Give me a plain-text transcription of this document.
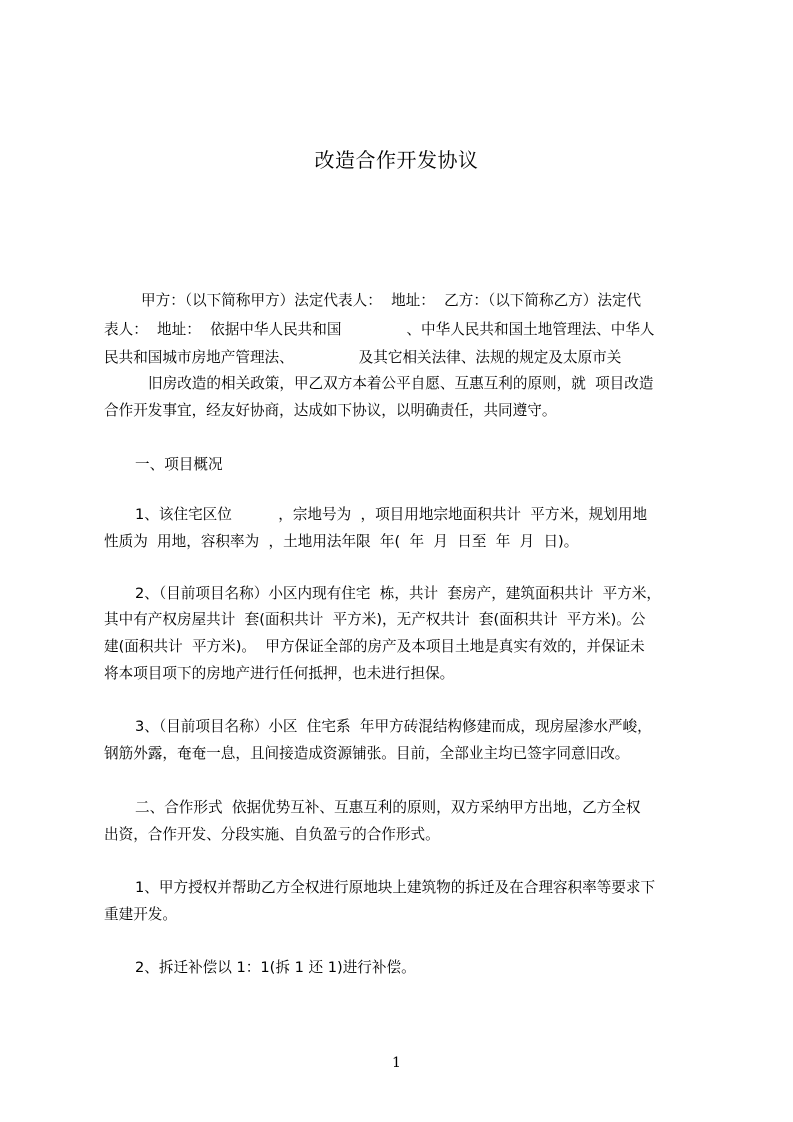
改造合作开发协议
甲方：（以下简称甲方）法定代表人：  地址：  乙方：（以下简称乙方）法定代
表人：  地址：  依据中华人民共和国              、中华人民共和国土地管理法、中华人
民共和国城市房地产管理法、              及其它相关法律、法规的规定及太原市关
旧房改造的相关政策，甲乙双方本着公平自愿、互惠互利的原则，就  项目改造
合作开发事宜，经友好协商，达成如下协议，以明确责任，共同遵守。
一、项目概况
1、该住宅区位          ，宗地号为  ，项目用地宗地面积共计  平方米，规划用地
性质为  用地，容积率为  ，土地用法年限  年(  年  月  日至  年  月  日)。
2、（目前项目名称）小区内现有住宅  栋，共计  套房产，建筑面积共计  平方米，
其中有产权房屋共计  套(面积共计  平方米)，无产权共计  套(面积共计  平方米)。公
建(面积共计  平方米)。  甲方保证全部的房产及本项目土地是真实有效的，并保证未
将本项目项下的房地产进行任何抵押，也未进行担保。
3、（目前项目名称）小区  住宅系  年甲方砖混结构修建而成，现房屋渗水严峻，
钢筋外露，奄奄一息，且间接造成资源铺张。目前，全部业主均已签字同意旧改。
二、合作形式  依据优势互补、互惠互利的原则，双方采纳甲方出地，乙方全权
出资，合作开发、分段实施、自负盈亏的合作形式。
1、甲方授权并帮助乙方全权进行原地块上建筑物的拆迁及在合理容积率等要求下
重建开发。
2、拆迁补偿以 1：1(拆 1 还 1)进行补偿。
1
